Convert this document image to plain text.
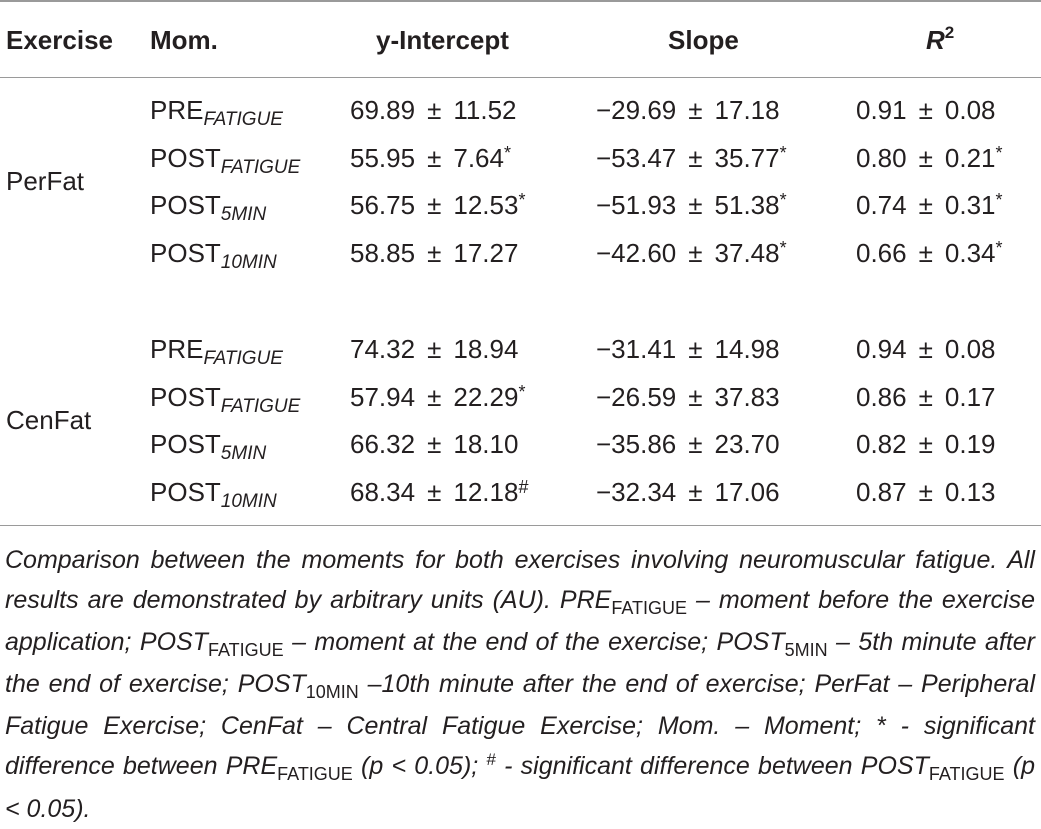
Exercise Mom.	y-Intercept	Slope	$R^2$
PerFat
$PRE_{FATIGUE}$	69.89 ± 11.52	−29.69 ± 17.18	0.91 ± 0.08
$POST_{FATIGUE}$ 55.95 ± 7.64*	−53.47 ± 35.77*	0.80 ± 0.21*
$POST_{5MIN}$	56.75 ± 12.53*	−51.93 ± 51.38*	0.74 ± 0.31*
$POST_{10MIN}$	58.85 ± 17.27	−42.60 ± 37.48*	0.66 ± 0.34*
CenFat
$PRE_{FATIGUE}$	74.32 ± 18.94	−31.41 ± 14.98	0.94 ± 0.08
$POST_{FATIGUE}$ 57.94 ± 22.29*	−26.59 ± 37.83	0.86 ± 0.17
$POST_{5MIN}$	66.32 ± 18.10	−35.86 ± 23.70	0.82 ± 0.19
$POST_{10MIN}$	68.34 ± 12.18#	−32.34 ± 17.06	0.87 ± 0.13
Comparison between the moments for both exercises involving neuromuscular fatigue. All results are demonstrated by arbitrary units (AU). $PRE_{FATIGUE}$ – moment before the exercise application; $POST_{FATIGUE}$ – moment at the end of the exercise; $POST_{5MIN} - 5th$ minute after the end of exercise; $POST_{10MIN}$ –10th minute after the end of exercise; PerFat – Peripheral Fatigue Exercise; CenFat – Central Fatigue Exercise; Mom. – Moment; * - significant difference between $PRE_{FATIGUE}$ (p < 0.05); # - significant difference between $POST_{FATIGUE}$ (p < 0.05).
